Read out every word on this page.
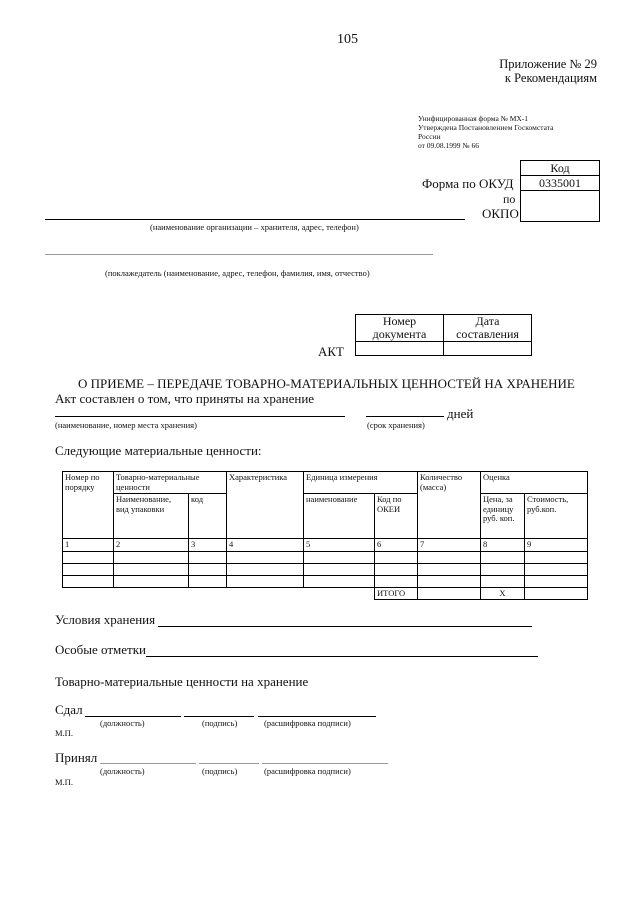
105
Приложение № 29
к Рекомендациям
Унифицированная форма № МХ-1
Утверждена Постановлением Госкомстата
России
от 09.08.1999 № 66
Код
0335001
Форма по ОКУД
по
ОКПО
(наименование организации – хранителя, адрес, телефон)
(поклажедатель (наименование, адрес, телефон, фамилия, имя, отчество)
Номер документа	Дата составления

АКТ
О ПРИЕМЕ – ПЕРЕДАЧЕ ТОВАРНО-МАТЕРИАЛЬНЫХ ЦЕННОСТЕЙ НА ХРАНЕНИЕ
Акт составлен о том, что приняты на хранение
дней
(наименование, номер места хранения)	(срок хранения)
Следующие материальные ценности:
Номер по порядку	Товарно-материальные ценности		Характеристика	Единица измерения		Количество (масса)	Оценка	
	Наименование, вид упаковки	код		наименование	Код по ОКЕИ		Цена, за единицу руб. коп.	Стоимость, руб.коп.
1	2	3	4	5	6	7	8	9

					ИТОГО		Х	
Условия хранения
Особые отметки
Товарно-материальные ценности на хранение
Сдал
(должность)	(подпись)	(расшифровка подписи)
М.П.
Принял
(должность)	(подпись)	(расшифровка подписи)
М.П.
